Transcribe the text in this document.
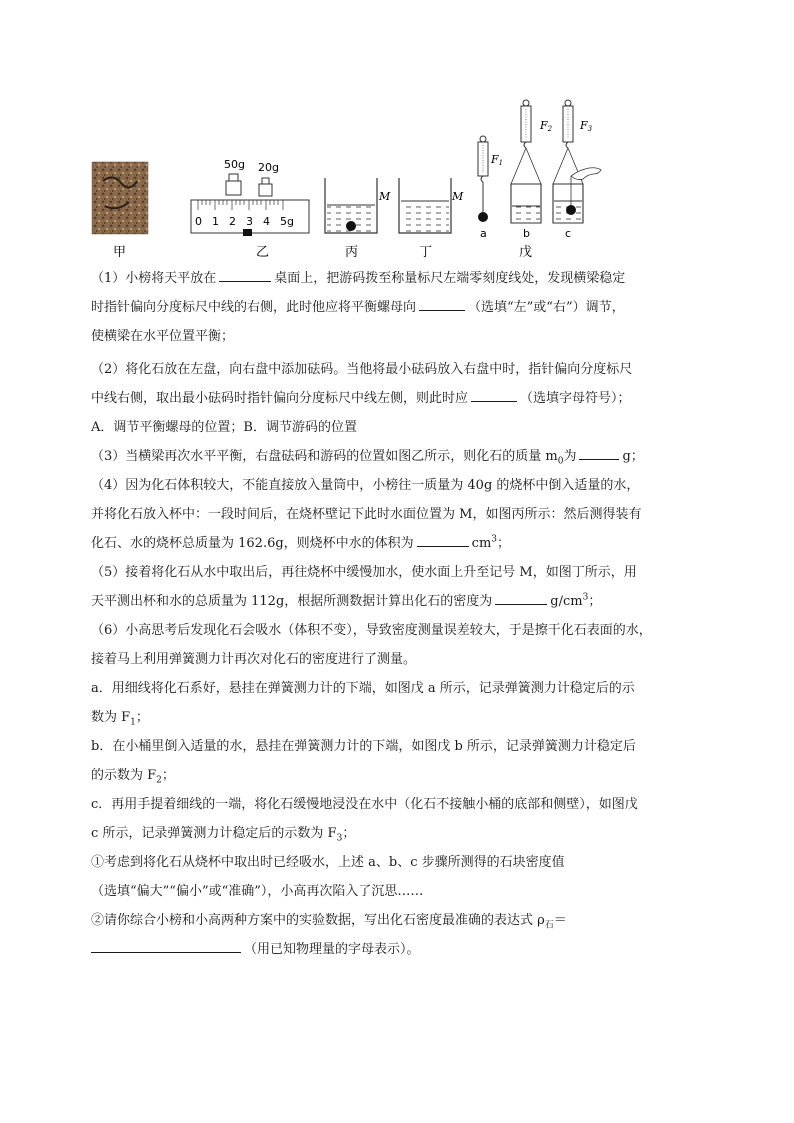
甲
50g 20g
0 1 2 3 4 5g
乙
M
丙
M
丁
F1
a
F2
b
F3
c
戊
（1）小榜将天平放在	桌面上，把游码拨至称量标尺左端零刻度线处，发现横梁稳定
时指针偏向分度标尺中线的右侧，此时他应将平衡螺母向	（选填“左”或“右”）调节，
使横梁在水平位置平衡；
（2）将化石放在左盘，向右盘中添加砝码。当他将最小砝码放入右盘中时，指针偏向分度标尺
中线右侧，取出最小砝码时指针偏向分度标尺中线左侧，则此时应	（选填字母符号）；
A．调节平衡螺母的位置；B．调节游码的位置
（3）当横梁再次水平平衡，右盘砝码和游码的位置如图乙所示，则化石的质量 $m_0$为	g；
（4）因为化石体积较大，不能直接放入量筒中，小榜往一质量为 40g 的烧杯中倒入适量的水，
并将化石放入杯中：一段时间后，在烧杯壁记下此时水面位置为 M，如图丙所示：然后测得装有
化石、水的烧杯总质量为 162.6g，则烧杯中水的体积为	$cm^3$；
（5）接着将化石从水中取出后，再往烧杯中缓慢加水，使水面上升至记号 M，如图丁所示，用
天平测出杯和水的总质量为 112g，根据所测数据计算出化石的密度为	$g/cm^3$；
（6）小高思考后发现化石会吸水（体积不变），导致密度测量误差较大，于是擦干化石表面的水，
接着马上利用弹簧测力计再次对化石的密度进行了测量。
a．用细线将化石系好，悬挂在弹簧测力计的下端，如图戊 a 所示，记录弹簧测力计稳定后的示
数为 $F_1$；
b．在小桶里倒入适量的水，悬挂在弹簧测力计的下端，如图戊 b 所示，记录弹簧测力计稳定后
的示数为 $F_2$；
c．再用手提着细线的一端，将化石缓慢地浸没在水中（化石不接触小桶的底部和侧壁），如图戊
c 所示，记录弹簧测力计稳定后的示数为 $F_3$；
①考虑到将化石从烧杯中取出时已经吸水，上述 a、b、c 步骤所测得的石块密度值
（选填“偏大”“偏小”或“准确”），小高再次陷入了沉思……
②请你综合小榜和小高两种方案中的实验数据，写出化石密度最准确的表达式 $\rho_石=$
（用已知物理量的字母表示）。
